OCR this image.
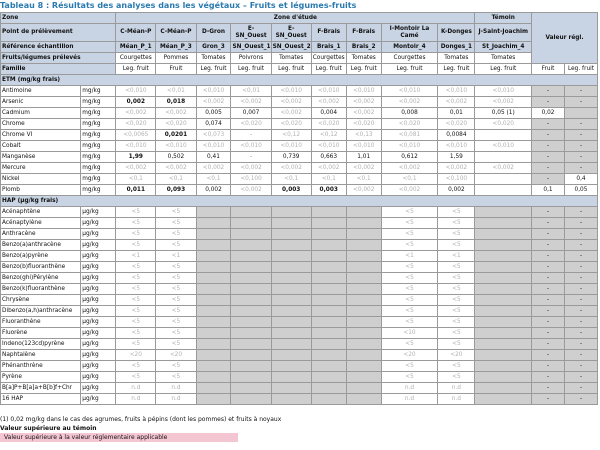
Tableau 8 : Résultats des analyses dans les végétaux – Fruits et légumes-fruits
Zone		Zone d'étude									Témoin	Valeur régl.	
Point de prélèvement		C-Méan-P	C-Méan-P	D-Gron	E-SN_Ouest	E-SN_Ouest	F-Brais	F-Brais	I-Montoir La Camé	K-Donges	J-Saint-Joachim		
Référence échantillon		Méan_P_1	Méan_P_3	Gron_3	SN_Ouest_1	SN_Ouest_2	Brais_1	Brais_2	Montoir_4	Donges_1	St_Joachim_4		
Fruits/légumes prélevés		Courgettes	Pommes	Tomates	Poivrons	Tomates	Courgettes	Tomates	Courgettes	Tomates	Tomates		
Famille		Leg. fruit	Fruit	Leg. fruit	Leg. fruit	Leg. fruit	Leg. fruit	Leg. fruit	Leg. fruit	Leg. fruit	Leg. fruit	Fruit	Leg. fruit
ETM (mg/kg frais)													
Antimoine	mg/kg	<0,010	<0,01	<0,010	<0,01	<0,010	<0,010	<0,010	<0,010	<0,010	<0,010	-	-
Arsenic	mg/kg	0,002	0,018	<0,002	<0,002	<0,002	<0,002	<0,002	<0,002	<0,002	<0,002	-	-
Cadmium	mg/kg	<0,002	<0,002	0,005	0,007	<0,002	0,004	<0,002	0,008	0,01	0,05 (1)	0,02	
Chrome	mg/kg	<0,020	<0,020	0,074	<0,020	<0,020	<0,020	<0,020	<0,020	<0,020	<0,020	-	-
Chrome VI	mg/kg	<0,0065	0,0201	<0,073	-	<0,12	<0,12	<0,13	<0,081	0,0084		-	-
Cobalt	mg/kg	<0,010	<0,010	<0,010	<0,010	<0,010	<0,010	<0,010	<0,010	<0,010	<0,010	-	-
Manganèse	mg/kg	1,99	0,502	0,41	-	0,739	0,663	1,01	0,612	1,59		-	-
Mercure	mg/kg	<0,002	<0,002	<0,002	<0,002	<0,002	<0,002	<0,002	<0,002	<0,002	<0,002	-	-
Nickel	mg/kg	<0,1	<0,1	<0,1	<0,100	<0,1	<0,1	<0,1	<0,1	<0,100		-	0,4
Plomb	mg/kg	0,011	0,093	0,002	<0,002	0,003	0,003	<0,002	<0,002	0,002		0,1	0,05
HAP (µg/kg frais)													
Acénaphtène	µg/kg	<5	<5						<5	<5		-	-
Acénaptylène	µg/kg	<5	<5						<5	<5		-	-
Anthracène	µg/kg	<5	<5						<5	<5		-	-
Benzo(a)anthracène	µg/kg	<5	<5						<5	<5		-	-
Benzo(a)pyrène	µg/kg	<1	<1						<1	<1		-	-
Benzo(b)fluoranthène	µg/kg	<5	<5						<5	<5		-	-
Benzo(ghi)Pérylène	µg/kg	<5	<5						<5	<5		-	-
Benzo(k)fluoranthène	µg/kg	<5	<5						<5	<5		-	-
Chrysène	µg/kg	<5	<5						<5	<5		-	-
Dibenzo(a,h)anthracène	µg/kg	<5	<5						<5	<5		-	-
Fluoranthène	µg/kg	<5	<5						<5	<5		-	-
Fluorène	µg/kg	<5	<5						<10	<5		-	-
Indeno(123cd)pyrène	µg/kg	<5	<5						<5	<5		-	-
Naphtalène	µg/kg	<20	<20						<20	<20		-	-
Phénanthrène	µg/kg	<5	<5						<5	<5		-	-
Pyrène	µg/kg	<5	<5						<5	<5		-	-
B[a]P+B[a]a+B[b]f+Chr	µg/kg	n.d	n.d						n.d	n.d		-	-
16 HAP	µg/kg	n.d	n.d						n.d	n.d		-	-
(1) 0,02 mg/kg dans le cas des agrumes, fruits à pépins (dont les pommes) et fruits à noyaux
Valeur supérieure au témoin
Valeur supérieure à la valeur réglementaire applicable
